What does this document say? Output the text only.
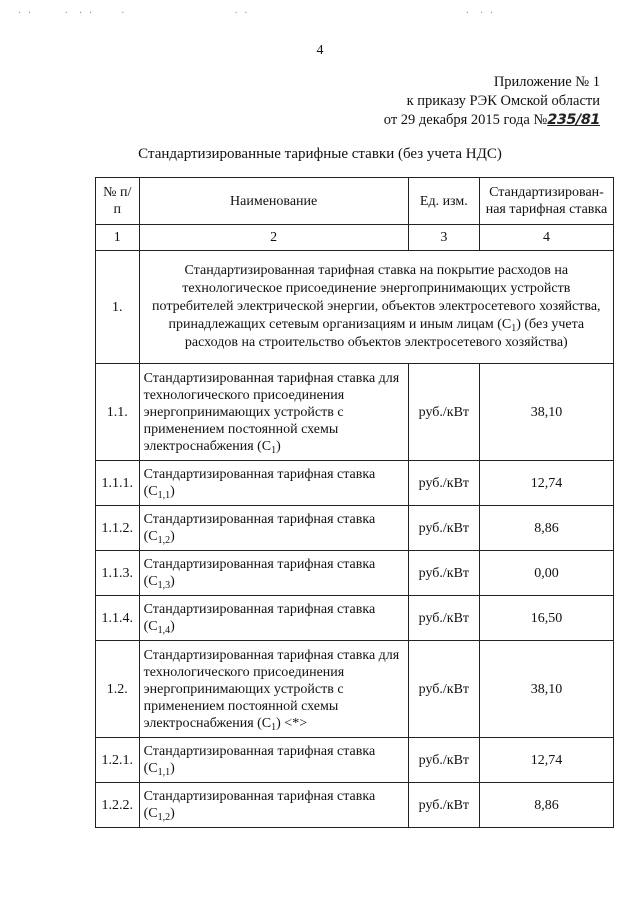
· ·       ·  · ·      ·                        · ·                                                ·  · ·
4
Приложение № 1
к приказу РЭК Омской области
от 29 декабря 2015 года №235/81
Стандартизированные тарифные ставки (без учета НДС)
№ п/п	Наименование	Ед. изм.	Стандартизирован-ная тарифная ставка
1	2	3	4
1.	Стандартизированная тарифная ставка на покрытие расходов на технологическое присоединение энергопринимающих устройств потребителей электрической энергии, объектов электросетевого хозяйства, принадлежащих сетевым организациям и иным лицам $(С_1)$ (без учета расходов на строительство объектов электросетевого хозяйства)		
1.1.	Стандартизированная тарифная ставка для технологического присоединения энергопринимающих устройств с применением постоянной схемы электроснабжения $(С_1)$	руб./кВт	38,10
1.1.1.	Стандартизированная тарифная ставка $(С_{1,1})$	руб./кВт	12,74
1.1.2.	Стандартизированная тарифная ставка $(С_{1,2})$	руб./кВт	8,86
1.1.3.	Стандартизированная тарифная ставка $(С_{1,3})$	руб./кВт	0,00
1.1.4.	Стандартизированная тарифная ставка $(С_{1,4})$	руб./кВт	16,50
1.2.	Стандартизированная тарифная ставка для технологического присоединения энергопринимающих устройств с применением постоянной схемы электроснабжения $(С_1)$ <*>	руб./кВт	38,10
1.2.1.	Стандартизированная тарифная ставка $(С_{1,1})$	руб./кВт	12,74
1.2.2.	Стандартизированная тарифная ставка $(С_{1,2})$	руб./кВт	8,86
